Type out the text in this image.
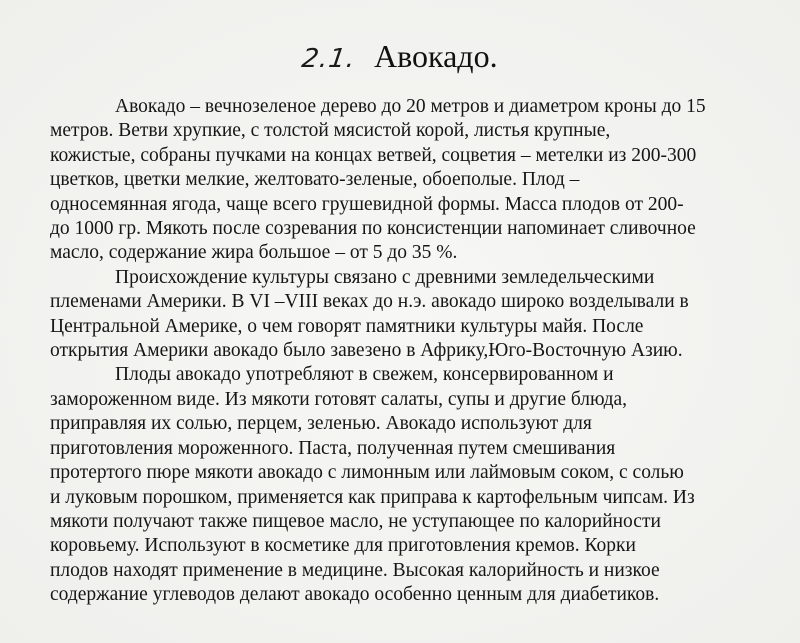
2.1. Авокадо.
Авокадо – вечнозеленое дерево до 20 метров и диаметром кроны до 15
метров. Ветви хрупкие, с толстой мясистой корой, листья крупные,
кожистые, собраны пучками на концах ветвей, соцветия – метелки из 200-300
цветков, цветки мелкие, желтовато-зеленые, обоеполые. Плод –
односемянная ягода, чаще всего грушевидной формы. Масса плодов от 200-
до 1000 гр. Мякоть после созревания по консистенции напоминает сливочное
масло, содержание жира большое – от 5 до 35 %.
Происхождение культуры связано с древними земледельческими
племенами Америки. В VI –VIII веках до н.э. авокадо широко возделывали в
Центральной Америке, о чем говорят памятники культуры майя. После
открытия Америки авокадо было завезено в Африку,Юго-Восточную Азию.
Плоды авокадо употребляют в свежем, консервированном и
замороженном виде. Из мякоти готовят салаты, супы и другие блюда,
приправляя их солью, перцем, зеленью. Авокадо используют для
приготовления мороженного. Паста, полученная путем смешивания
протертого пюре мякоти авокадо с лимонным или лаймовым соком, с солью
и луковым порошком, применяется как приправа к картофельным чипсам. Из
мякоти получают также пищевое масло, не уступающее по калорийности
коровьему. Используют в косметике для приготовления кремов. Корки
плодов находят применение в медицине. Высокая калорийность и низкое
содержание углеводов делают авокадо особенно ценным для диабетиков.
